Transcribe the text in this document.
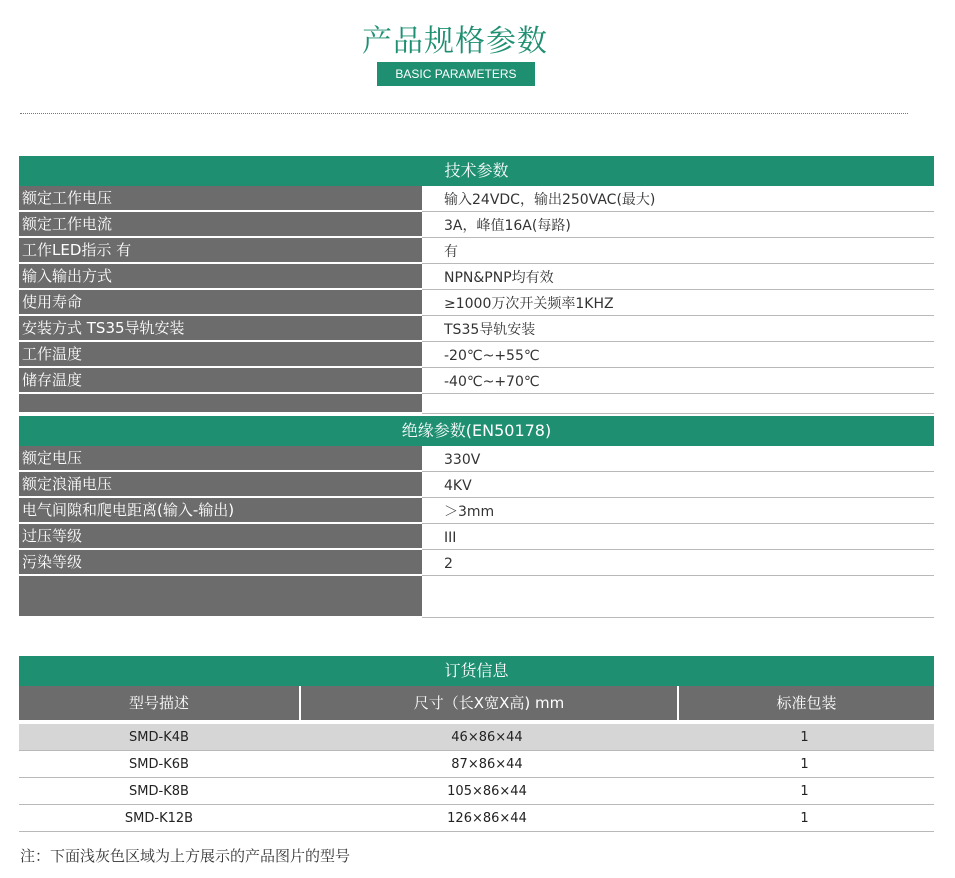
产品规格参数
BASIC PARAMETERS
技术参数
额定工作电压	输入24VDC，输出250VAC(最大)
额定工作电流	3A，峰值16A(每路)
工作LED指示 有	有
输入输出方式	NPN&PNP均有效
使用寿命	≥1000万次开关频率1KHZ
安装方式 TS35导轨安装	TS35导轨安装
工作温度	-20℃~+55℃
储存温度	-40℃~+70℃
绝缘参数(EN50178)
额定电压	330V
额定浪涌电压	4KV
电气间隙和爬电距离(输入-输出)	＞3mm
过压等级	III
污染等级	2
订货信息
型号描述	尺寸（长X宽X高) mm	标准包装
SMD-K4B	46×86×44	1
SMD-K6B	87×86×44	1
SMD-K8B	105×86×44	1
SMD-K12B	126×86×44	1
注：下面浅灰色区域为上方展示的产品图片的型号
